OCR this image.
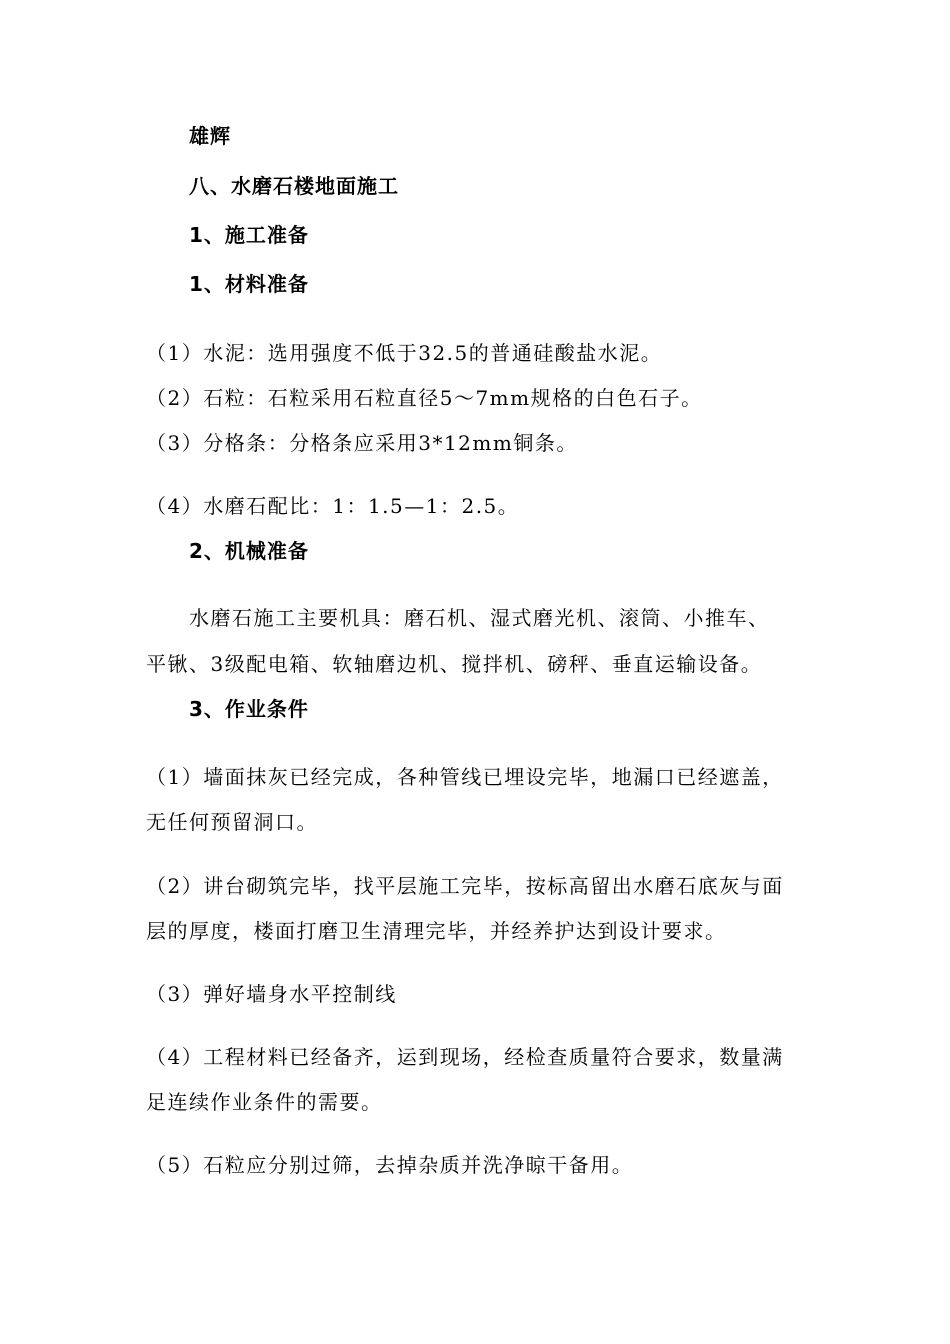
雄辉
八、水磨石楼地面施工
1、施工准备
1、材料准备
（1）水泥：选用强度不低于32.5的普通硅酸盐水泥。
（2）石粒：石粒采用石粒直径5～7mm规格的白色石子。
（3）分格条：分格条应采用3*12mm铜条。
（4）水磨石配比：1：1.5—1：2.5。
2、机械准备
水磨石施工主要机具：磨石机、湿式磨光机、滚筒、小推车、
平锹、3级配电箱、软轴磨边机、搅拌机、磅秤、垂直运输设备。
3、作业条件
（1）墙面抹灰已经完成，各种管线已埋设完毕，地漏口已经遮盖，
无任何预留洞口。
（2）讲台砌筑完毕，找平层施工完毕，按标高留出水磨石底灰与面
层的厚度，楼面打磨卫生清理完毕，并经养护达到设计要求。
（3）弹好墙身水平控制线
（4）工程材料已经备齐，运到现场，经检查质量符合要求，数量满
足连续作业条件的需要。
（5）石粒应分别过筛，去掉杂质并洗净晾干备用。
